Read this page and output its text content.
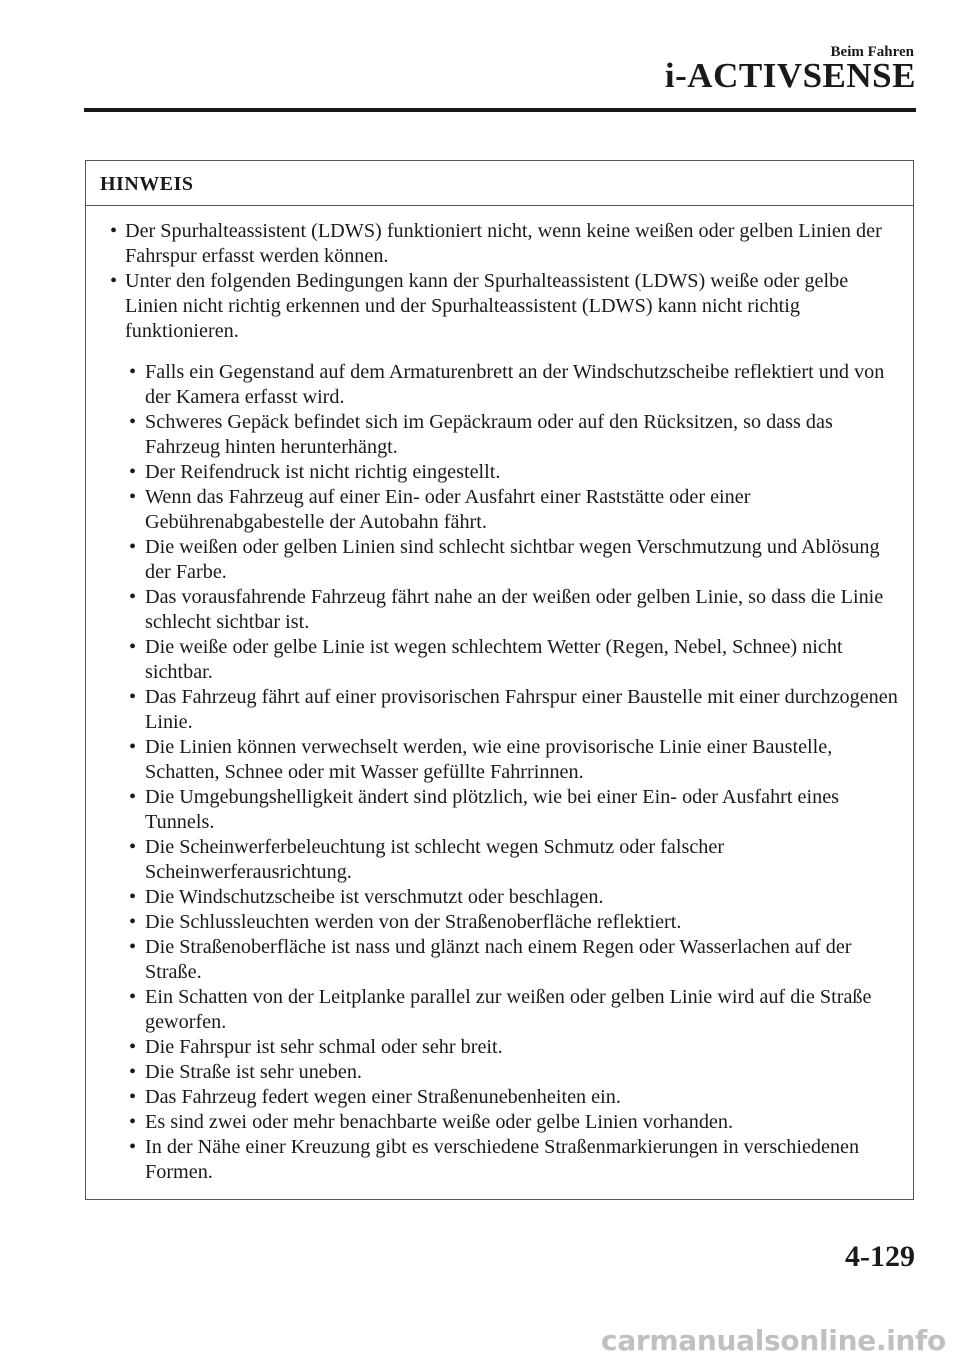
Beim Fahren
i-ACTIVSENSE
HINWEIS
• Der Spurhalteassistent (LDWS) funktioniert nicht, wenn keine weißen oder gelben Linien der Fahrspur erfasst werden können.
• Unter den folgenden Bedingungen kann der Spurhalteassistent (LDWS) weiße oder gelbe Linien nicht richtig erkennen und der Spurhalteassistent (LDWS) kann nicht richtig funktionieren.
• Falls ein Gegenstand auf dem Armaturenbrett an der Windschutzscheibe reflektiert und von der Kamera erfasst wird.
• Schweres Gepäck befindet sich im Gepäckraum oder auf den Rücksitzen, so dass das Fahrzeug hinten herunterhängt.
• Der Reifendruck ist nicht richtig eingestellt.
• Wenn das Fahrzeug auf einer Ein- oder Ausfahrt einer Raststätte oder einer Gebührenabgabestelle der Autobahn fährt.
• Die weißen oder gelben Linien sind schlecht sichtbar wegen Verschmutzung und Ablösung der Farbe.
• Das vorausfahrende Fahrzeug fährt nahe an der weißen oder gelben Linie, so dass die Linie schlecht sichtbar ist.
• Die weiße oder gelbe Linie ist wegen schlechtem Wetter (Regen, Nebel, Schnee) nicht sichtbar.
• Das Fahrzeug fährt auf einer provisorischen Fahrspur einer Baustelle mit einer durchzogenen Linie.
• Die Linien können verwechselt werden, wie eine provisorische Linie einer Baustelle, Schatten, Schnee oder mit Wasser gefüllte Fahrrinnen.
• Die Umgebungshelligkeit ändert sind plötzlich, wie bei einer Ein- oder Ausfahrt eines Tunnels.
• Die Scheinwerferbeleuchtung ist schlecht wegen Schmutz oder falscher Scheinwerferausrichtung.
• Die Windschutzscheibe ist verschmutzt oder beschlagen.
• Die Schlussleuchten werden von der Straßenoberfläche reflektiert.
• Die Straßenoberfläche ist nass und glänzt nach einem Regen oder Wasserlachen auf der Straße.
• Ein Schatten von der Leitplanke parallel zur weißen oder gelben Linie wird auf die Straße geworfen.
• Die Fahrspur ist sehr schmal oder sehr breit.
• Die Straße ist sehr uneben.
• Das Fahrzeug federt wegen einer Straßenunebenheiten ein.
• Es sind zwei oder mehr benachbarte weiße oder gelbe Linien vorhanden.
• In der Nähe einer Kreuzung gibt es verschiedene Straßenmarkierungen in verschiedenen Formen.
4-129
carmanualsonline.info
